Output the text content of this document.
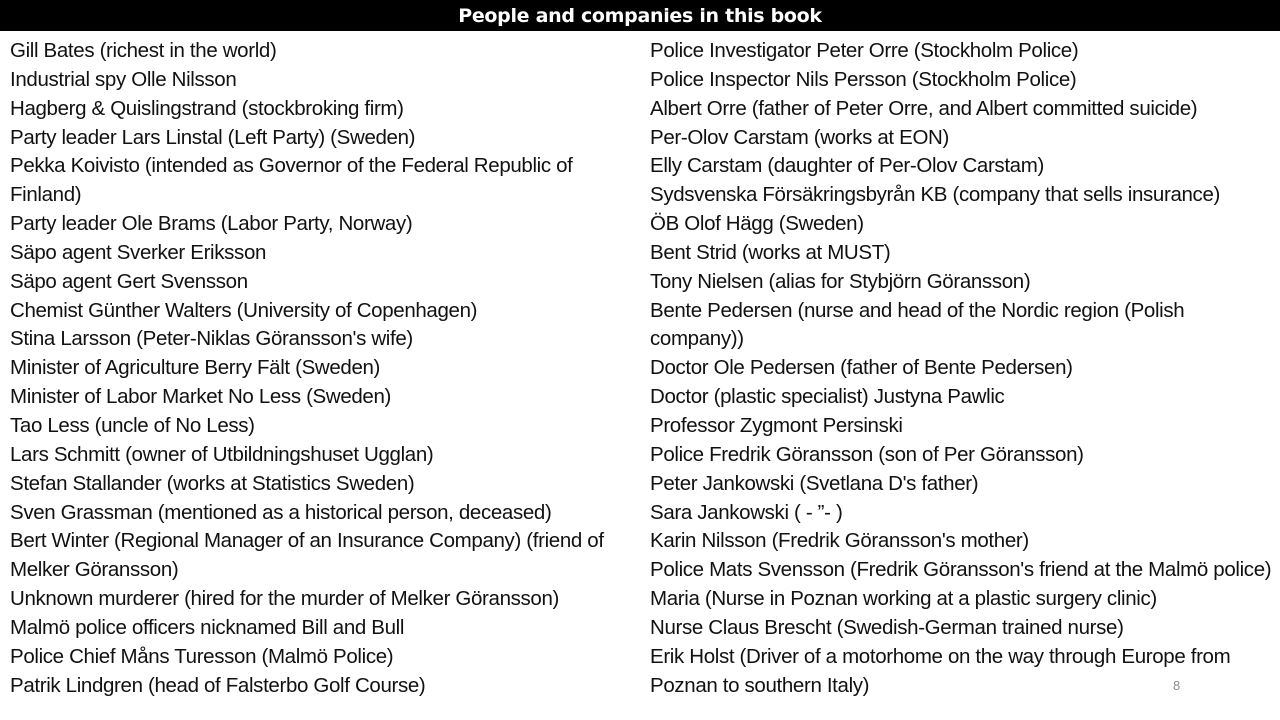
People and companies in this book
Gill Bates (richest in the world)
Industrial spy Olle Nilsson
Hagberg & Quislingstrand (stockbroking firm)
Party leader Lars Linstal (Left Party) (Sweden)
Pekka Koivisto (intended as Governor of the Federal Republic of
Finland)
Party leader Ole Brams (Labor Party, Norway)
Säpo agent Sverker Eriksson
Säpo agent Gert Svensson
Chemist Günther Walters (University of Copenhagen)
Stina Larsson (Peter-Niklas Göransson's wife)
Minister of Agriculture Berry Fält (Sweden)
Minister of Labor Market No Less (Sweden)
Tao Less (uncle of No Less)
Lars Schmitt (owner of Utbildningshuset Ugglan)
Stefan Stallander (works at Statistics Sweden)
Sven Grassman (mentioned as a historical person, deceased)
Bert Winter (Regional Manager of an Insurance Company) (friend of
Melker Göransson)
Unknown murderer (hired for the murder of Melker Göransson)
Malmö police officers nicknamed Bill and Bull
Police Chief Måns Turesson (Malmö Police)
Patrik Lindgren (head of Falsterbo Golf Course)
Police Investigator Peter Orre (Stockholm Police)
Police Inspector Nils Persson (Stockholm Police)
Albert Orre (father of Peter Orre, and Albert committed suicide)
Per-Olov Carstam (works at EON)
Elly Carstam (daughter of Per-Olov Carstam)
Sydsvenska Försäkringsbyrån KB (company that sells insurance)
ÖB Olof Hägg (Sweden)
Bent Strid (works at MUST)
Tony Nielsen (alias for Stybjörn Göransson)
Bente Pedersen (nurse and head of the Nordic region (Polish
company))
Doctor Ole Pedersen (father of Bente Pedersen)
Doctor (plastic specialist) Justyna Pawlic
Professor Zygmont Persinski
Police Fredrik Göransson (son of Per Göransson)
Peter Jankowski (Svetlana D's father)
Sara Jankowski ( - ”- )
Karin Nilsson (Fredrik Göransson's mother)
Police Mats Svensson (Fredrik Göransson's friend at the Malmö police)
Maria (Nurse in Poznan working at a plastic surgery clinic)
Nurse Claus Brescht (Swedish-German trained nurse)
Erik Holst (Driver of a motorhome on the way through Europe from
Poznan to southern Italy)	8
